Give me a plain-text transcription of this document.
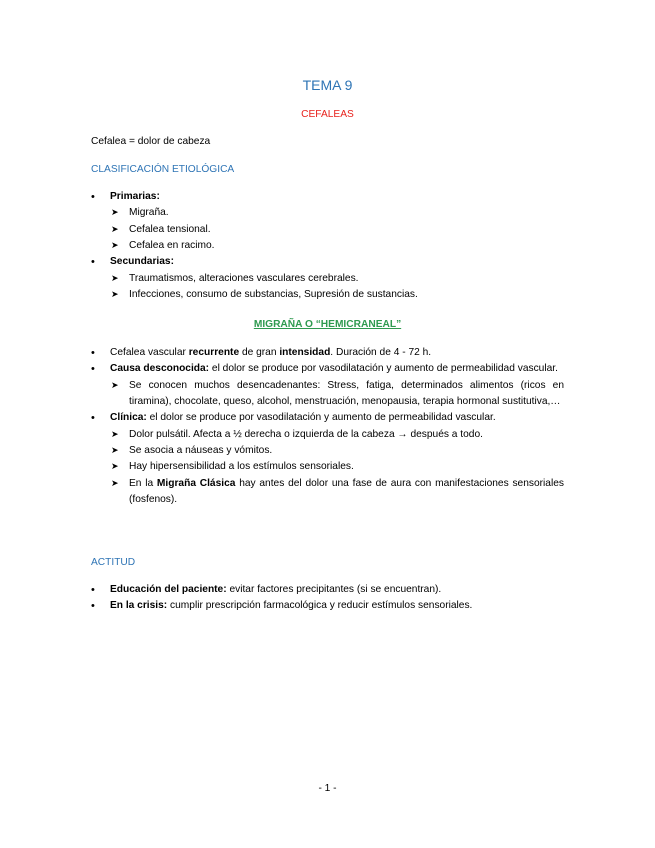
TEMA 9
CEFALEAS

Cefalea = dolor de cabeza

CLASIFICACIÓN ETIOLÓGICA
• Primarias:
➤ Migraña.
➤ Cefalea tensional.
➤ Cefalea en racimo.
• Secundarias:
➤ Traumatismos, alteraciones vasculares cerebrales.
➤ Infecciones, consumo de substancias, Supresión de sustancias.
MIGRAÑA O “HEMICRANEAL”
• Cefalea vascular recurrente de gran intensidad. Duración de 4 - 72 h.
• Causa desconocida: el dolor se produce por vasodilatación y aumento de permeabilidad vascular.
➤ Se conocen muchos desencadenantes: Stress, fatiga, determinados alimentos (ricos en tiramina), chocolate, queso, alcohol, menstruación, menopausia, terapia hormonal sustitutiva,…
• Clínica: el dolor se produce por vasodilatación y aumento de permeabilidad vascular.
➤ Dolor pulsátil. Afecta a ½ derecha o izquierda de la cabeza → después a todo.
➤ Se asocia a náuseas y vómitos.
➤ Hay hipersensibilidad a los estímulos sensoriales.
➤ En la Migraña Clásica hay antes del dolor una fase de aura con manifestaciones sensoriales (fosfenos).
ACTITUD
• Educación del paciente: evitar factores precipitantes (si se encuentran).
• En la crisis: cumplir prescripción farmacológica y reducir estímulos sensoriales.

- 1 -
